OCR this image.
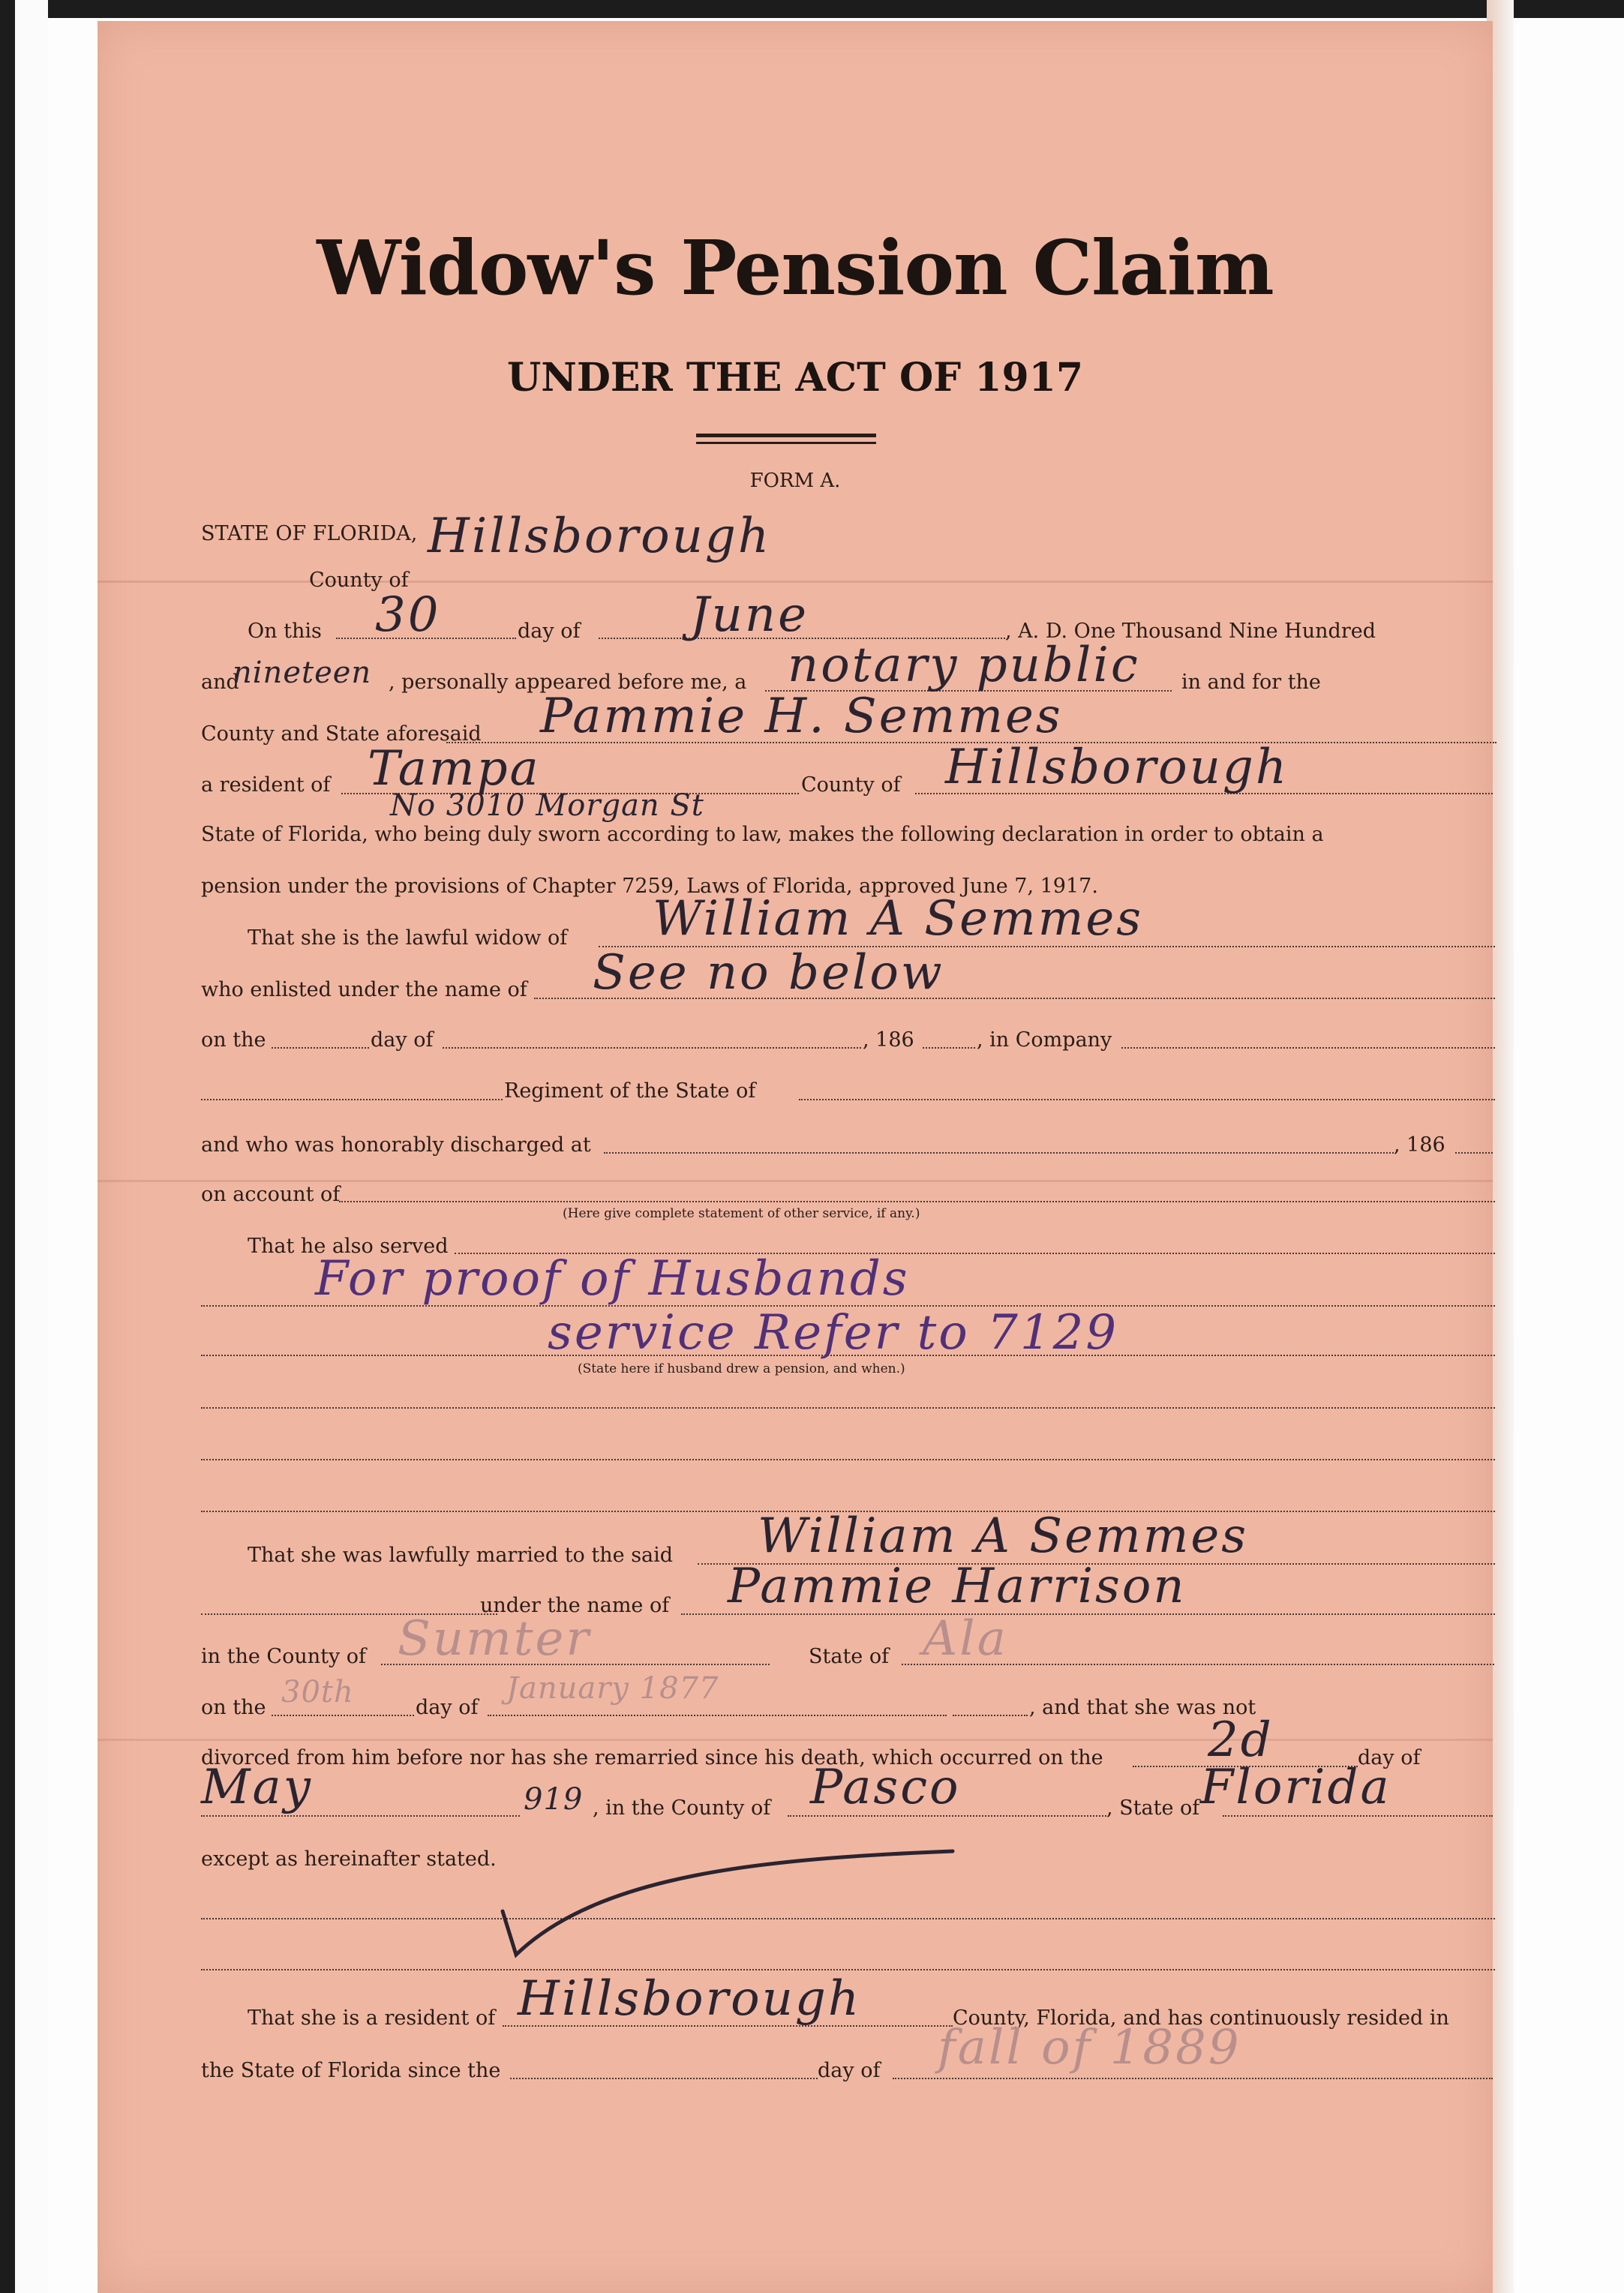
Widow's Pension Claim
UNDER THE ACT OF 1917
FORM A.
STATE OF FLORIDA,
County of
Hillsborough
On this 30	day of June	, A. D. One Thousand Nine Hundred
and
nineteen , personally appeared before me, a notary public in and for the
County and State aforesaid Pammie H. Semmes
a resident of Tampa
No 3010 Morgan St
County of Hillsborough
State of Florida, who being duly sworn according to law, makes the following declaration in order to obtain a
pension under the provisions of Chapter 7259, Laws of Florida, approved June 7, 1917.
That she is the lawful widow of William A Semmes
who enlisted under the name of See no below
on the	day of	, 186	, in Company
Regiment of the State of
and who was honorably discharged at	, 186
on account of
(Here give complete statement of other service, if any.)
That he also served
For proof of Husbands
service Refer to 7129
(State here if husband drew a pension, and when.)
That she was lawfully married to the said William A Semmes
under the name of Pammie Harrison
in the County of Sumter	State of Ala
on the 30th	day of
January 1877
, and that she was not
divorced from him before nor has she remarried since his death, which occurred on the 2d	day of
May	919 , in the County of Pasco	, State of Florida
except as hereinafter stated.
That she is a resident of Hillsborough	County, Florida, and has continuously resided in
the State of Florida since the	day of fall of 1889
